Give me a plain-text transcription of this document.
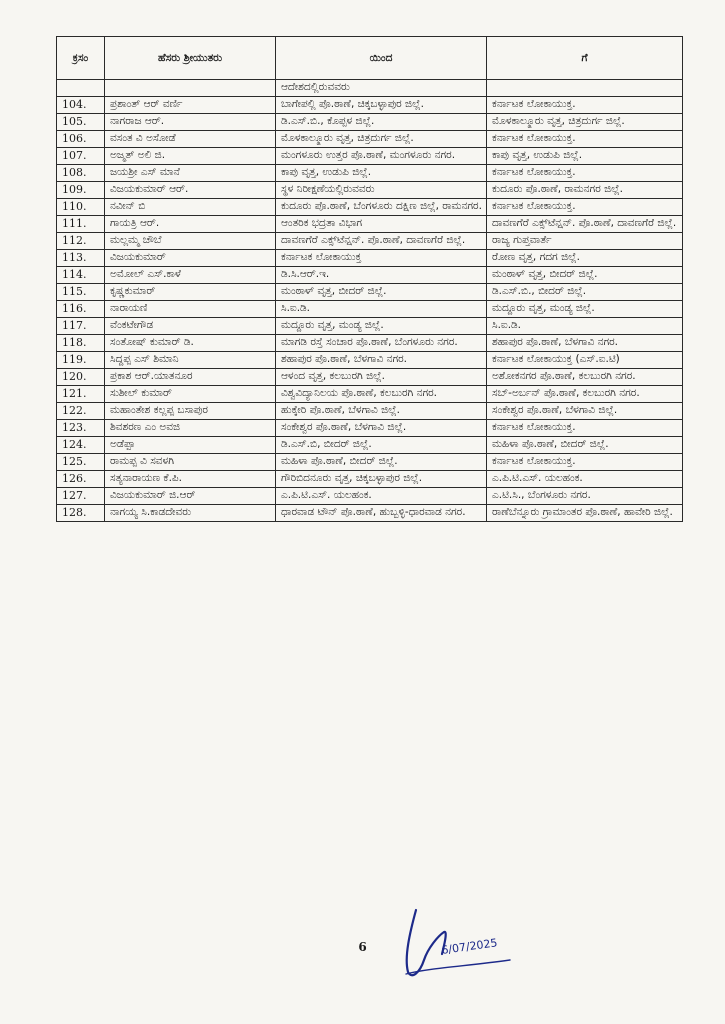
ಕ್ರಸಂ	ಹೆಸರು ಶ್ರೀಯುತರು	ಯಿಂದ	ಗೆ
		ಆದೇಶದಲ್ಲಿರುವವರು	
104.	ಪ್ರಶಾಂತ್ ಆರ್ ವರ್ಣಿ	ಬಾಗೇಪಲ್ಲಿ ಪೊ.ಠಾಣೆ, ಚಿಕ್ಕಬಳ್ಳಾಪುರ ಜಿಲ್ಲೆ.	ಕರ್ನಾಟಕ ಲೋಕಾಯುಕ್ತ.
105.	ನಾಗರಾಜ ಆರ್.	ಡಿ.ಎಸ್.ಬಿ., ಕೊಪ್ಪಳ ಜಿಲ್ಲೆ.	ಮೊಳಕಾಲ್ಮೂರು ವೃತ್ತ, ಚಿತ್ರದುರ್ಗ ಜಿಲ್ಲೆ.
106.	ವಸಂತ ವಿ ಅಸೋಡೆ	ಮೊಳಕಾಲ್ಮೂರು ವೃತ್ತ, ಚಿತ್ರದುರ್ಗ ಜಿಲ್ಲೆ.	ಕರ್ನಾಟಕ ಲೋಕಾಯುಕ್ತ.
107.	ಅಜ್ಮತ್ ಅಲಿ ಜಿ.	ಮಂಗಳೂರು ಉತ್ತರ ಪೊ.ಠಾಣೆ, ಮಂಗಳೂರು ನಗರ.	ಕಾಪು ವೃತ್ತ, ಉಡುಪಿ ಜಿಲ್ಲೆ.
108.	ಜಯಶ್ರೀ ಎಸ್ ಮಾನೆ	ಕಾಪು ವೃತ್ತ, ಉಡುಪಿ ಜಿಲ್ಲೆ.	ಕರ್ನಾಟಕ ಲೋಕಾಯುಕ್ತ.
109.	ವಿಜಯಕುಮಾರ್ ಆರ್.	ಸ್ಥಳ ನಿರೀಕ್ಷಣೆಯಲ್ಲಿರುವವರು	ಕುದೂರು ಪೊ.ಠಾಣೆ, ರಾಮನಗರ ಜಿಲ್ಲೆ.
110.	ನವೀನ್ ಬಿ	ಕುದೂರು ಪೊ.ಠಾಣೆ, ಬೆಂಗಳೂರು ದಕ್ಷಿಣ ಜಿಲ್ಲೆ, ರಾಮನಗರ.	ಕರ್ನಾಟಕ ಲೋಕಾಯುಕ್ತ.
111.	ಗಾಯತ್ರಿ ಆರ್.	ಆಂತರಿಕ ಭದ್ರತಾ ವಿಭಾಗ	ದಾವಣಗೆರೆ ಎಕ್ಸ್‌ಟೆನ್ಷನ್. ಪೊ.ಠಾಣೆ, ದಾವಣಗೆರೆ ಜಿಲ್ಲೆ.
112.	ಮಲ್ಲಮ್ಮ ಚೌಬೆ	ದಾವಣಗೆರೆ ಎಕ್ಸ್‌ಟೆನ್ಷನ್. ಪೊ.ಠಾಣೆ, ದಾವಣಗೆರೆ ಜಿಲ್ಲೆ.	ರಾಜ್ಯ ಗುಪ್ತವಾರ್ತೆ
113.	ವಿಜಯಕುಮಾರ್	ಕರ್ನಾಟಕ ಲೋಕಾಯುಕ್ತ	ರೋಣ ವೃತ್ತ, ಗದಗ ಜಿಲ್ಲೆ.
114.	ಅಮೋಲ್ ಎಸ್.ಕಾಳೆ	ಡಿ.ಸಿ.ಆರ್.ಇ.	ಮಂಠಾಳ್ ವೃತ್ತ, ಬೀದರ್ ಜಿಲ್ಲೆ.
115.	ಕೃಷ್ಣಕುಮಾರ್	ಮಂಠಾಳ್ ವೃತ್ತ, ಬೀದರ್ ಜಿಲ್ಲೆ.	ಡಿ.ಎಸ್.ಬಿ., ಬೀದರ್ ಜಿಲ್ಲೆ.
116.	ನಾರಾಯಣಿ	ಸಿ.ಐ.ಡಿ.	ಮದ್ದೂರು ವೃತ್ತ, ಮಂಡ್ಯ ಜಿಲ್ಲೆ.
117.	ವೆಂಕಟೇಗೌಡ	ಮದ್ದೂರು ವೃತ್ತ, ಮಂಡ್ಯ ಜಿಲ್ಲೆ.	ಸಿ.ಐ.ಡಿ.
118.	ಸಂತೋಷ್ ಕುಮಾರ್ ಡಿ.	ಮಾಗಡಿ ರಸ್ತೆ ಸಂಚಾರ ಪೊ.ಠಾಣೆ, ಬೆಂಗಳೂರು ನಗರ.	ಶಹಾಪುರ ಪೊ.ಠಾಣೆ, ಬೆಳಗಾವಿ ನಗರ.
119.	ಸಿದ್ದಪ್ಪ ಎಸ್ ಶಿಮಾನಿ	ಶಹಾಪುರ ಪೊ.ಠಾಣೆ, ಬೆಳಗಾವಿ ನಗರ.	ಕರ್ನಾಟಕ ಲೋಕಾಯುಕ್ತ (ಎಸ್.ಐ.ಟಿ)
120.	ಪ್ರಕಾಶ ಆರ್.ಯಾತನೂರ	ಆಳಂದ ವೃತ್ತ, ಕಲಬುರಗಿ ಜಿಲ್ಲೆ.	ಅಶೋಕನಗರ ಪೊ.ಠಾಣೆ, ಕಲಬುರಗಿ ನಗರ.
121.	ಸುಶೀಲ್ ಕುಮಾರ್	ವಿಶ್ವವಿದ್ಯಾನಿಲಯ ಪೊ.ಠಾಣೆ, ಕಲಬುರಗಿ ನಗರ.	ಸಬ್-ಅರ್ಬನ್ ಪೊ.ಠಾಣೆ, ಕಲಬುರಗಿ ನಗರ.
122.	ಮಹಾಂತೇಶ ಕಲ್ಲಪ್ಪ ಬಸಾಪುರ	ಹುಕ್ಕೇರಿ ಪೊ.ಠಾಣೆ, ಬೆಳಗಾವಿ ಜಿಲ್ಲೆ.	ಸಂಕೇಶ್ವರ ಪೊ.ಠಾಣೆ, ಬೆಳಗಾವಿ ಜಿಲ್ಲೆ.
123.	ಶಿವಶರಣ ಎಂ ಅವಜಿ	ಸಂಕೇಶ್ವರ ಪೊ.ಠಾಣೆ, ಬೆಳಗಾವಿ ಜಿಲ್ಲೆ.	ಕರ್ನಾಟಕ ಲೋಕಾಯುಕ್ತ.
124.	ಅಡೆಪ್ಪಾ	ಡಿ.ಎಸ್.ಬಿ, ಬೀದರ್ ಜಿಲ್ಲೆ.	ಮಹಿಳಾ ಪೊ.ಠಾಣೆ, ಬೀದರ್ ಜಿಲ್ಲೆ.
125.	ರಾಮಪ್ಪ ವಿ ಸವಳಗಿ	ಮಹಿಳಾ ಪೊ.ಠಾಣೆ, ಬೀದರ್ ಜಿಲ್ಲೆ.	ಕರ್ನಾಟಕ ಲೋಕಾಯುಕ್ತ.
126.	ಸತ್ಯನಾರಾಯಣ ಕೆ.ಪಿ.	ಗೌರಿಬಿದನೂರು ವೃತ್ತ, ಚಿಕ್ಕಬಳ್ಳಾಪುರ ಜಿಲ್ಲೆ.	ಎ.ಪಿ.ಟಿ.ಎಸ್. ಯಲಹಂಕ.
127.	ವಿಜಯಕುಮಾರ್ ಜಿ.ಆರ್	ಎ.ಪಿ.ಟಿ.ಎಸ್. ಯಲಹಂಕ.	ಎ.ಟಿ.ಸಿ., ಬೆಂಗಳೂರು ನಗರ.
128.	ನಾಗಯ್ಯ ಸಿ.ಕಾಡದೇವರು	ಧಾರವಾಡ ಟೌನ್ ಪೊ.ಠಾಣೆ, ಹುಬ್ಬಳ್ಳಿ-ಧಾರವಾಡ ನಗರ.	ರಾಣೆಬೆನ್ನೂರು ಗ್ರಾಮಾಂತರ ಪೊ.ಠಾಣೆ, ಹಾವೇರಿ ಜಿಲ್ಲೆ.
6	6/07/2025
